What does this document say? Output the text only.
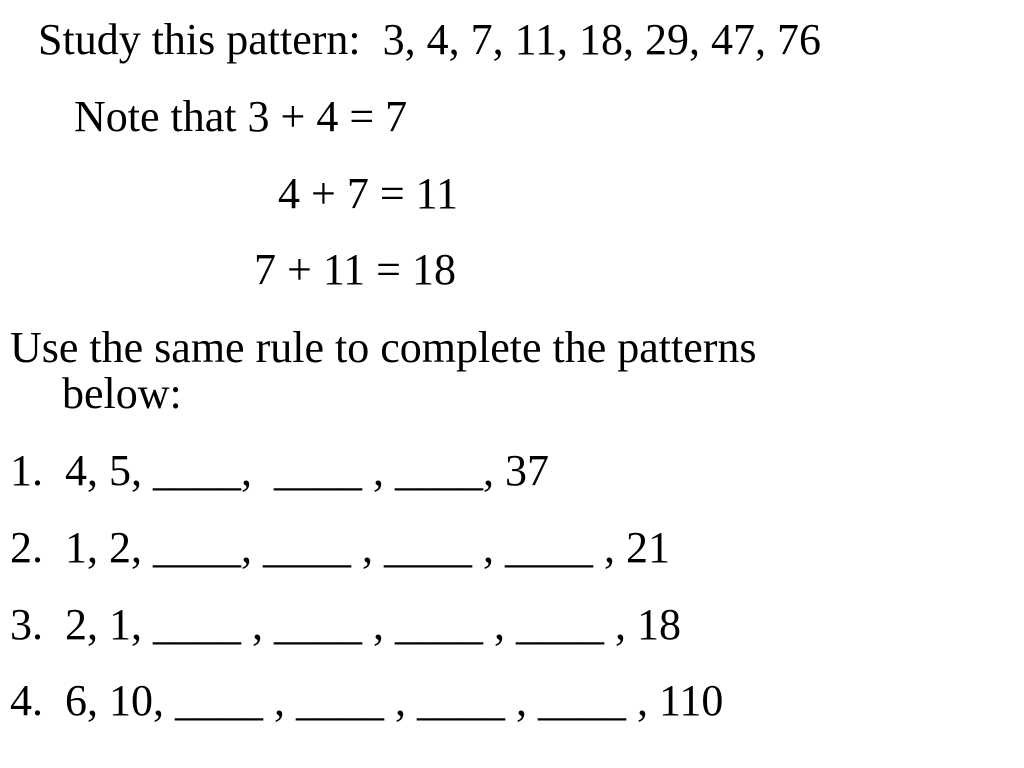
Study this pattern:  3, 4, 7, 11, 18, 29, 47, 76
Note that 3 + 4 = 7
4 + 7 = 11
7 + 11 = 18
Use the same rule to complete the patterns
below:
1.  4, 5, ____,  ____ , ____, 37
2.  1, 2, ____, ____ , ____ , ____ , 21
3.  2, 1, ____ , ____ , ____ , ____ , 18
4.  6, 10, ____ , ____ , ____ , ____ , 110
